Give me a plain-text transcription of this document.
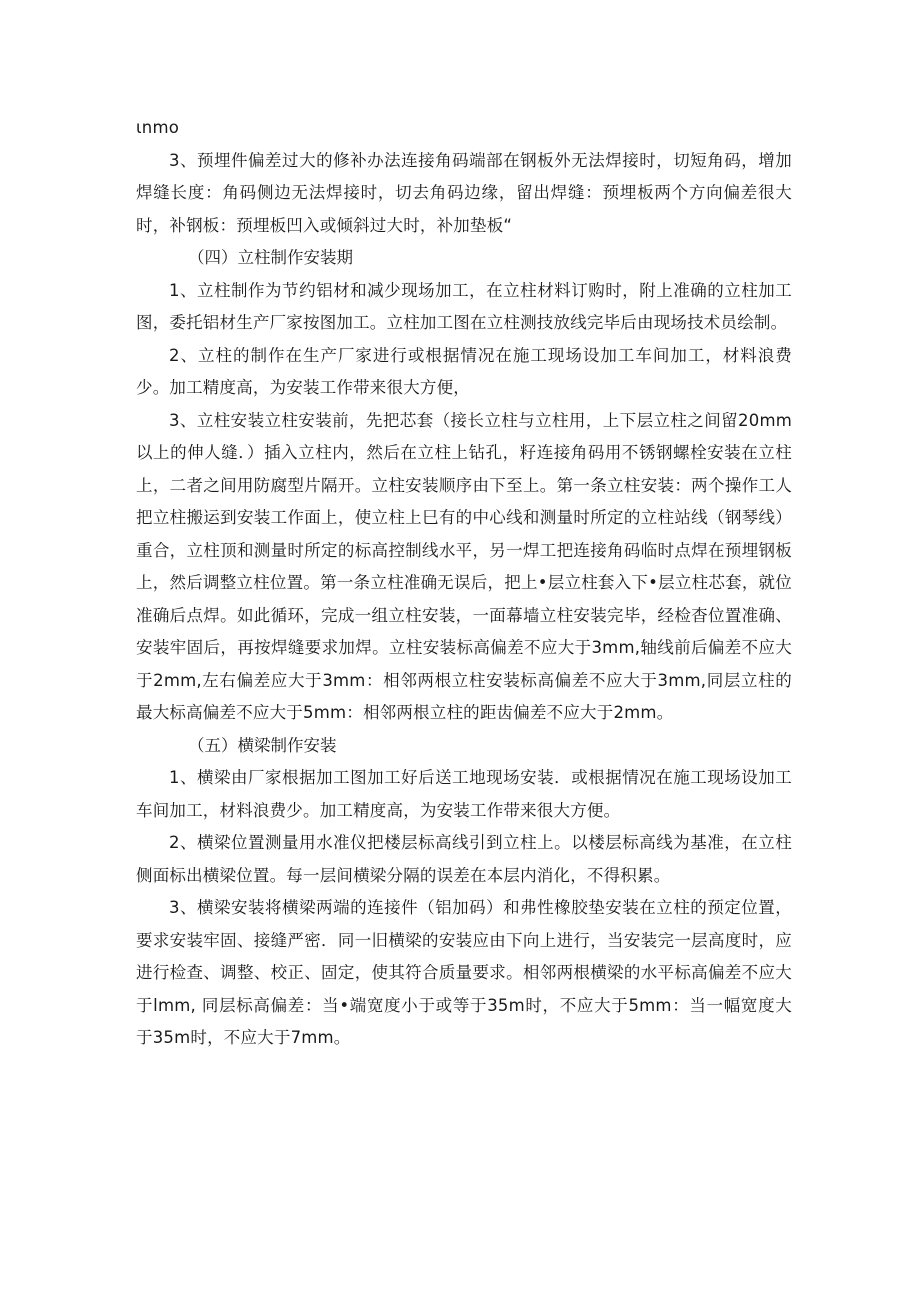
ιnmo

3、预埋件偏差过大的修补办法连接角码端部在钢板外无法焊接时，切短角码，增加焊缝长度：角码侧边无法焊接时，切去角码边缘，留出焊缝：预埋板两个方向偏差很大时，补钢板：预埋板凹入或倾斜过大时，补加垫板“

（四）立柱制作安装期

1、立柱制作为节约铝材和减少现场加工，在立柱材料订购时，附上准确的立柱加工图，委托铝材生产厂家按图加工。立柱加工图在立柱测技放线完毕后由现场技术员绘制。

2、立柱的制作在生产厂家进行或根据情况在施工现场设加工车间加工，材料浪费少。加工精度高，为安装工作带来很大方便，

3、立柱安装立柱安装前，先把芯套（接长立柱与立柱用，上下层立柱之间留20mm以上的伸人缝．）插入立柱内，然后在立柱上钻孔，籽连接角码用不锈钢螺栓安装在立柱上，二者之间用防腐型片隔开。立柱安装顺序由下至上。第一条立柱安装：两个操作工人把立柱搬运到安装工作面上，使立柱上巳有的中心线和测量时所定的立柱站线（钢琴线）重合，立柱顶和测量时所定的标高控制线水平，另一焊工把连接角码临时点焊在预埋钢板上，然后调整立柱位置。第一条立柱准确无误后，把上•层立柱套入下•层立柱芯套，就位准确后点焊。如此循环，完成一组立柱安装，一面幕墙立柱安装完毕，经检杳位置准确、安装牢固后，再按焊缝要求加焊。立柱安装标高偏差不应大于3mm,轴线前后偏差不应大于2mm,左右偏差应大于3mm：相邻两根立柱安装标高偏差不应大于3mm,同层立柱的最大标高偏差不应大于5mm：相邻两根立柱的距齿偏差不应大于2mm。

（五）横梁制作安装

1、横梁由厂家根据加工图加工好后送工地现场安装．或根据情况在施工现场设加工车间加工，材料浪费少。加工精度高，为安装工作带来很大方便。

2、横梁位置测量用水准仪把楼层标高线引到立柱上。以楼层标高线为基准，在立柱侧面标出横梁位置。每一层间横梁分隔的误差在本层内消化，不得积累。

3、横梁安装将横梁两端的连接件（铝加码）和弗性橡胶垫安装在立柱的预定位置，要求安装牢固、接缝严密．同一旧横梁的安装应由下向上进行，当安装完一层高度时，应进行检查、调整、校正、固定，使其符合质量要求。相邻两根横梁的水平标高偏差不应大于lmm, 同层标高偏差：当•端宽度小于或等于35m时，不应大于5mm：当一幅宽度大于35m时，不应大于7mm。
